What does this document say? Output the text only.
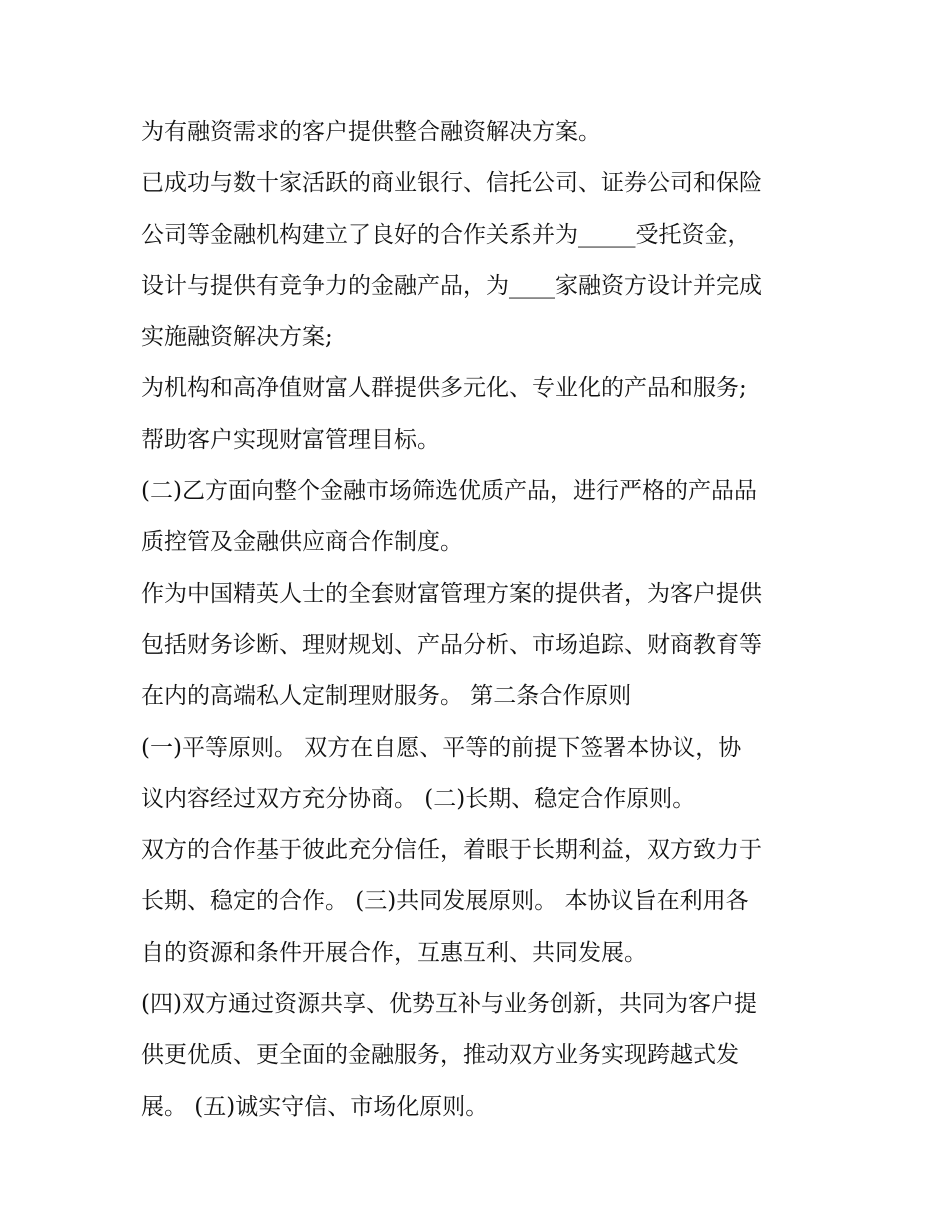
为有融资需求的客户提供整合融资解决方案。
已成功与数十家活跃的商业银行、信托公司、证券公司和保险
公司等金融机构建立了良好的合作关系并为_____受托资金，
设计与提供有竞争力的金融产品，为____家融资方设计并完成
实施融资解决方案;
为机构和高净值财富人群提供多元化、专业化的产品和服务;
帮助客户实现财富管理目标。
(二)乙方面向整个金融市场筛选优质产品，进行严格的产品品
质控管及金融供应商合作制度。
作为中国精英人士的全套财富管理方案的提供者，为客户提供
包括财务诊断、理财规划、产品分析、市场追踪、财商教育等
在内的高端私人定制理财服务。 第二条合作原则
(一)平等原则。 双方在自愿、平等的前提下签署本协议，协
议内容经过双方充分协商。 (二)长期、稳定合作原则。
双方的合作基于彼此充分信任，着眼于长期利益，双方致力于
长期、稳定的合作。 (三)共同发展原则。 本协议旨在利用各
自的资源和条件开展合作，互惠互利、共同发展。
(四)双方通过资源共享、优势互补与业务创新，共同为客户提
供更优质、更全面的金融服务，推动双方业务实现跨越式发
展。 (五)诚实守信、市场化原则。
